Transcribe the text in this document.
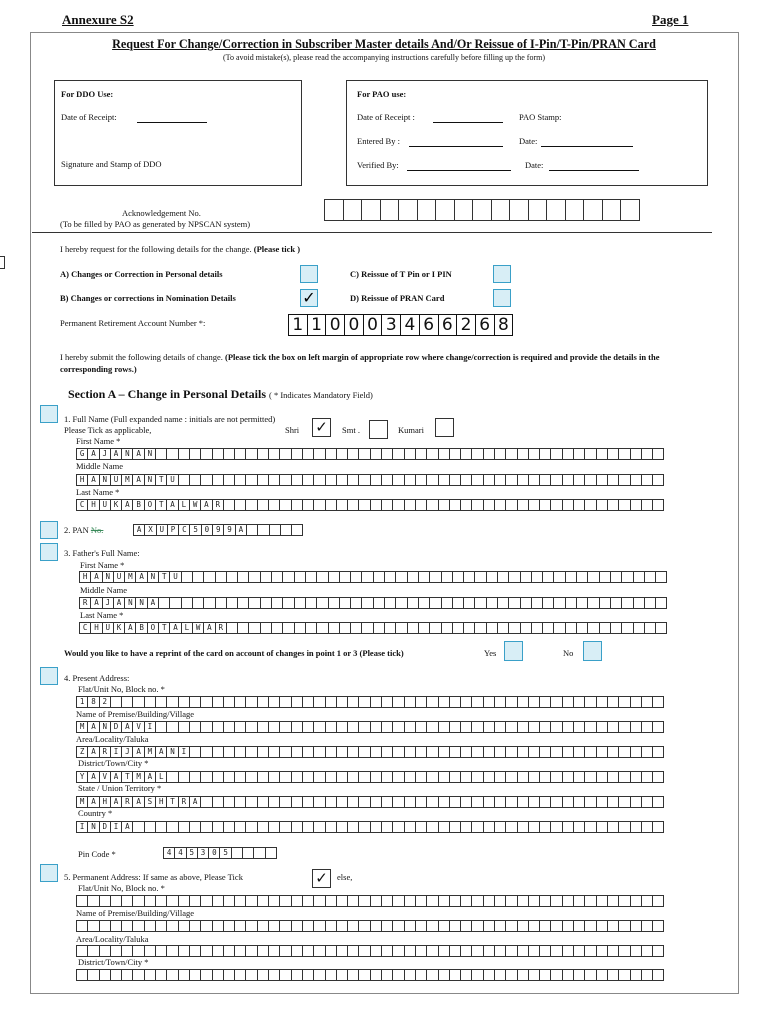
Annexure S2	Page 1
Request For Change/Correction in Subscriber Master details And/Or Reissue of I-Pin/T-Pin/PRAN Card
(To avoid mistake(s), please read the accompanying instructions carefully before filling up the form)
For DDO Use:
Date of Receipt:
Signature and Stamp of DDO
For PAO use:
Date of Receipt :	PAO Stamp:
Entered By :	Date:
Verified By:	Date:
Acknowledgement No.
(To be filled by PAO as generated by NPSCAN system)
I hereby request for the following details for the change. (Please tick )
A) Changes or Correction in Personal details	C) Reissue of T Pin or I PIN
B) Changes or corrections in Nomination Details	✓	D) Reissue of PRAN Card
Permanent Retirement Account Number *:	1 1 0 0 0 3 4 6 6 2 6 8
I hereby submit the following details of change. (Please tick the box on left margin of appropriate row where change/correction is required and provide the details in the corresponding rows.)
Section A – Change in Personal Details ( * Indicates Mandatory Field)
1. Full Name (Full expanded name : initials are not permitted)
Please Tick as applicable,	Shri ✓	Smt .	Kumari
First Name *
G A J A N A N
Middle Name
H A N U M A N T U
Last Name *
C H U K A B O T A L W A R
2. PAN No.	A X U P C 5 0 9 9 A
3. Father's Full Name:
First Name *
H A N U M A N T U
Middle Name
R A J A N N A
Last Name *
C H U K A B O T A L W A R
Would you like to have a reprint of the card on account of changes in point 1 or 3 (Please tick)	Yes	No
4. Present Address:
Flat/Unit No, Block no. *
1 8 2
Name of Premise/Building/Village
M A N D A V I
Area/Locality/Taluka
Z A R I J A M A N I
District/Town/City *
Y A V A T M A L
State / Union Territory *
M A H A R A S H T R A
Country *
I N D I A
Pin Code *	4 4 5 3 0 5
5. Permanent Address: If same as above, Please Tick	✓	else,
Flat/Unit No, Block no. *
Name of Premise/Building/Village
Area/Locality/Taluka
District/Town/City *
